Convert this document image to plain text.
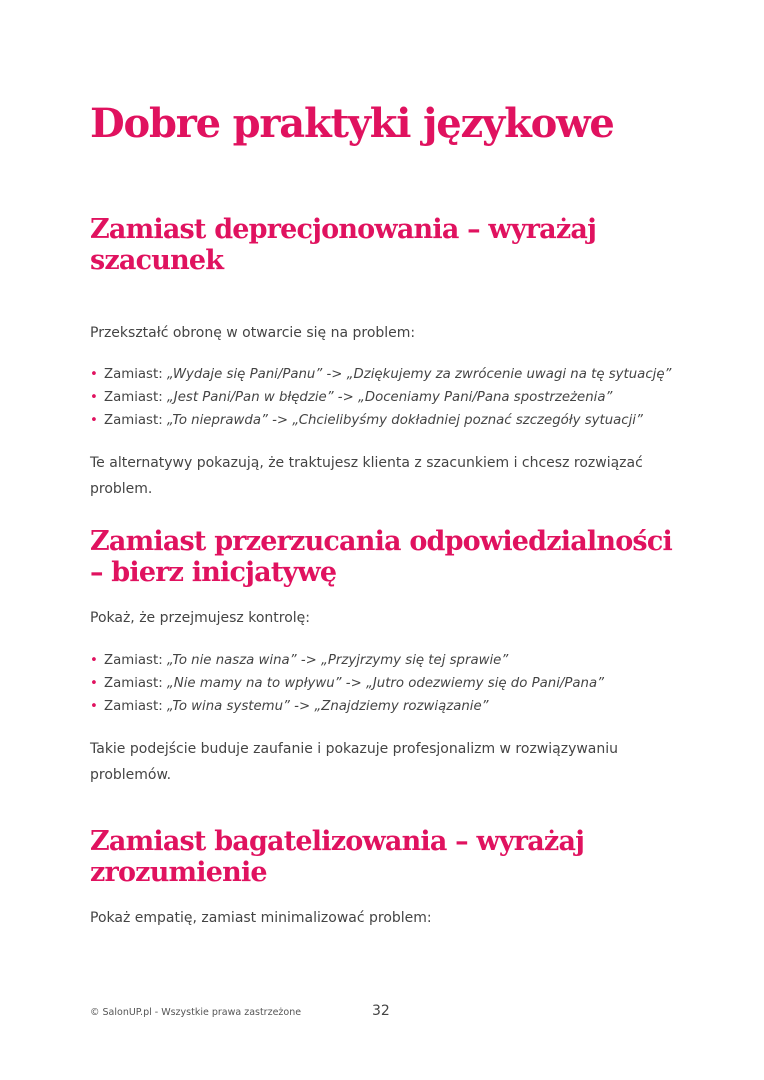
Dobre praktyki językowe
Zamiast deprecjonowania – wyrażaj
szacunek

Przekształć obronę w otwarcie się na problem:

• Zamiast: „Wydaje się Pani/Panu” -> „Dziękujemy za zwrócenie uwagi na tę sytuację”
• Zamiast: „Jest Pani/Pan w błędzie” -> „Doceniamy Pani/Pana spostrzeżenia”
• Zamiast: „To nieprawda” -> „Chcielibyśmy dokładniej poznać szczegóły sytuacji”

Te alternatywy pokazują, że traktujesz klienta z szacunkiem i chcesz rozwiązać
problem.

Zamiast przerzucania odpowiedzialności
– bierz inicjatywę

Pokaż, że przejmujesz kontrolę:

• Zamiast: „To nie nasza wina” -> „Przyjrzymy się tej sprawie”
• Zamiast: „Nie mamy na to wpływu” -> „Jutro odezwiemy się do Pani/Pana”
• Zamiast: „To wina systemu” -> „Znajdziemy rozwiązanie”

Takie podejście buduje zaufanie i pokazuje profesjonalizm w rozwiązywaniu
problemów.

Zamiast bagatelizowania – wyrażaj
zrozumienie

Pokaż empatię, zamiast minimalizować problem:

© SalonUP.pl - Wszystkie prawa zastrzeżone	32
